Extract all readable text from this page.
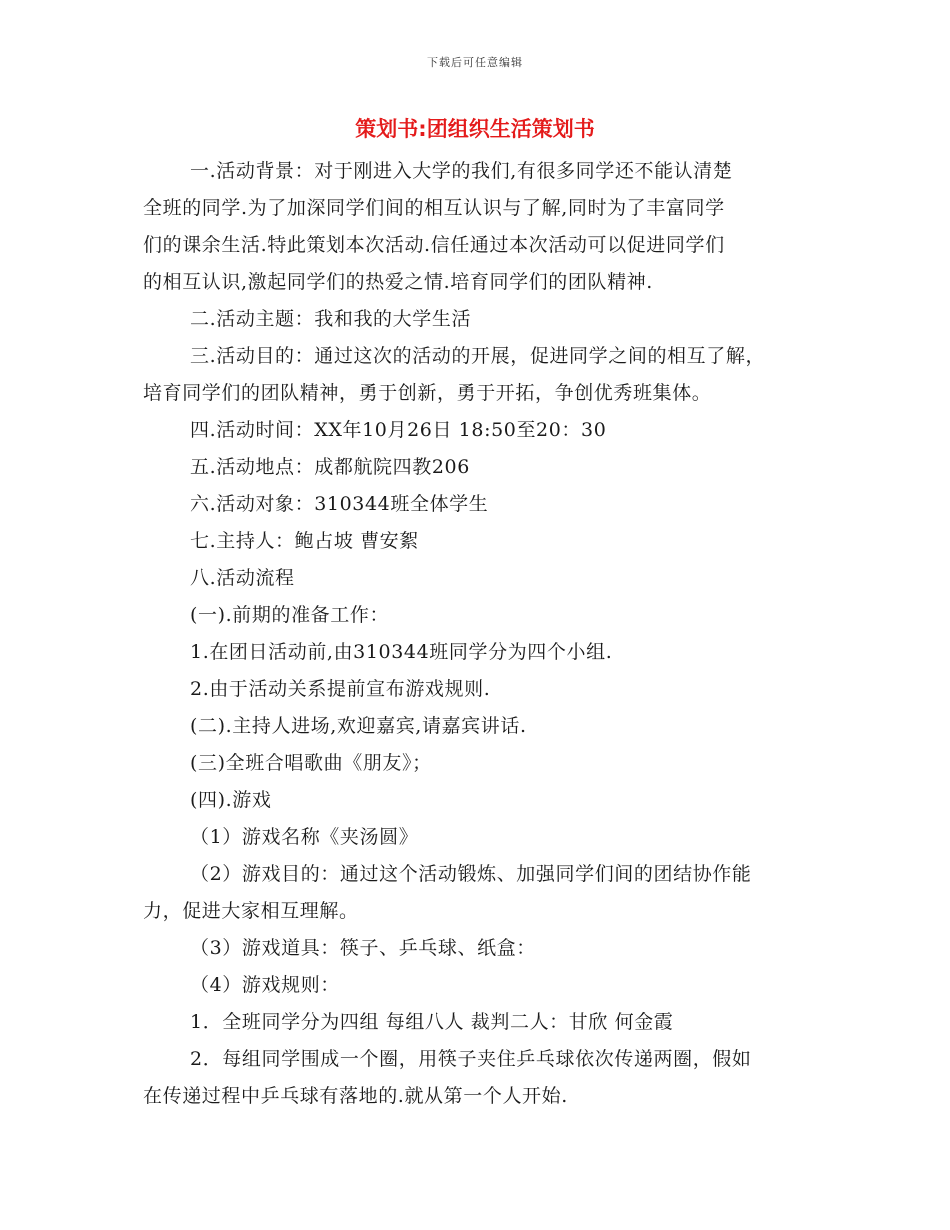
下载后可任意编辑
策划书:团组织生活策划书
一.活动背景：对于刚进入大学的我们,有很多同学还不能认清楚
全班的同学.为了加深同学们间的相互认识与了解,同时为了丰富同学
们的课余生活.特此策划本次活动.信任通过本次活动可以促进同学们
的相互认识,激起同学们的热爱之情.培育同学们的团队精神.
二.活动主题：我和我的大学生活
三.活动目的：通过这次的活动的开展，促进同学之间的相互了解，
培育同学们的团队精神，勇于创新，勇于开拓，争创优秀班集体。
四.活动时间：XX年10月26日 18:50至20：30
五.活动地点：成都航院四教206
六.活动对象：310344班全体学生
七.主持人：鲍占坡 曹安絮
八.活动流程
(一).前期的准备工作：
1.在团日活动前,由310344班同学分为四个小组.
2.由于活动关系提前宣布游戏规则.
(二).主持人进场,欢迎嘉宾,请嘉宾讲话.
(三)全班合唱歌曲《朋友》；
(四).游戏
（1）游戏名称《夹汤圆》
（2）游戏目的：通过这个活动锻炼、加强同学们间的团结协作能
力，促进大家相互理解。
（3）游戏道具：筷子、乒乓球、纸盒：
（4）游戏规则：
1．全班同学分为四组 每组八人 裁判二人：甘欣 何金霞
2．每组同学围成一个圈，用筷子夹住乒乓球依次传递两圈，假如
在传递过程中乒乓球有落地的.就从第一个人开始.
